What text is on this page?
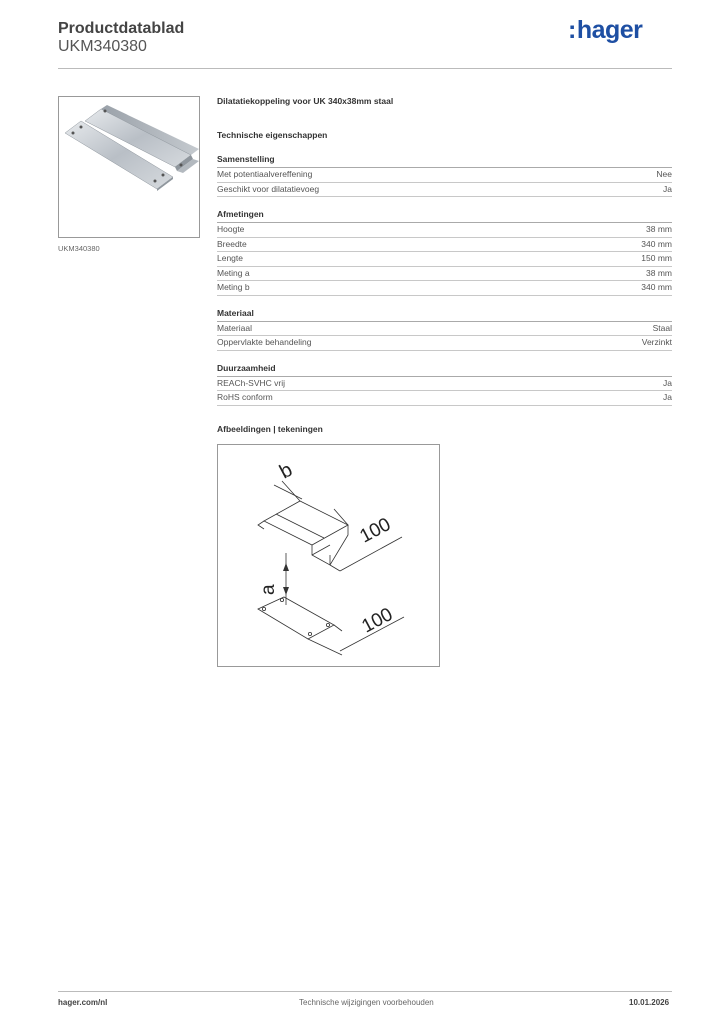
Productdatablad
UKM340380
:hager
UKM340380
Dilatatiekoppeling voor UK 340x38mm staal
Technische eigenschappen
Samenstelling
Met potentiaalvereffening	Nee
Geschikt voor dilatatievoeg	Ja
Afmetingen
Hoogte	38 mm
Breedte	340 mm
Lengte	150 mm
Meting a	38 mm
Meting b	340 mm
Materiaal
Materiaal	Staal
Oppervlakte behandeling	Verzinkt
Duurzaamheid
REACh-SVHC vrij	Ja
RoHS conform	Ja
Afbeeldingen | tekeningen
b
100
a
100
hager.com/nl	Technische wijzigingen voorbehouden	10.01.2026
